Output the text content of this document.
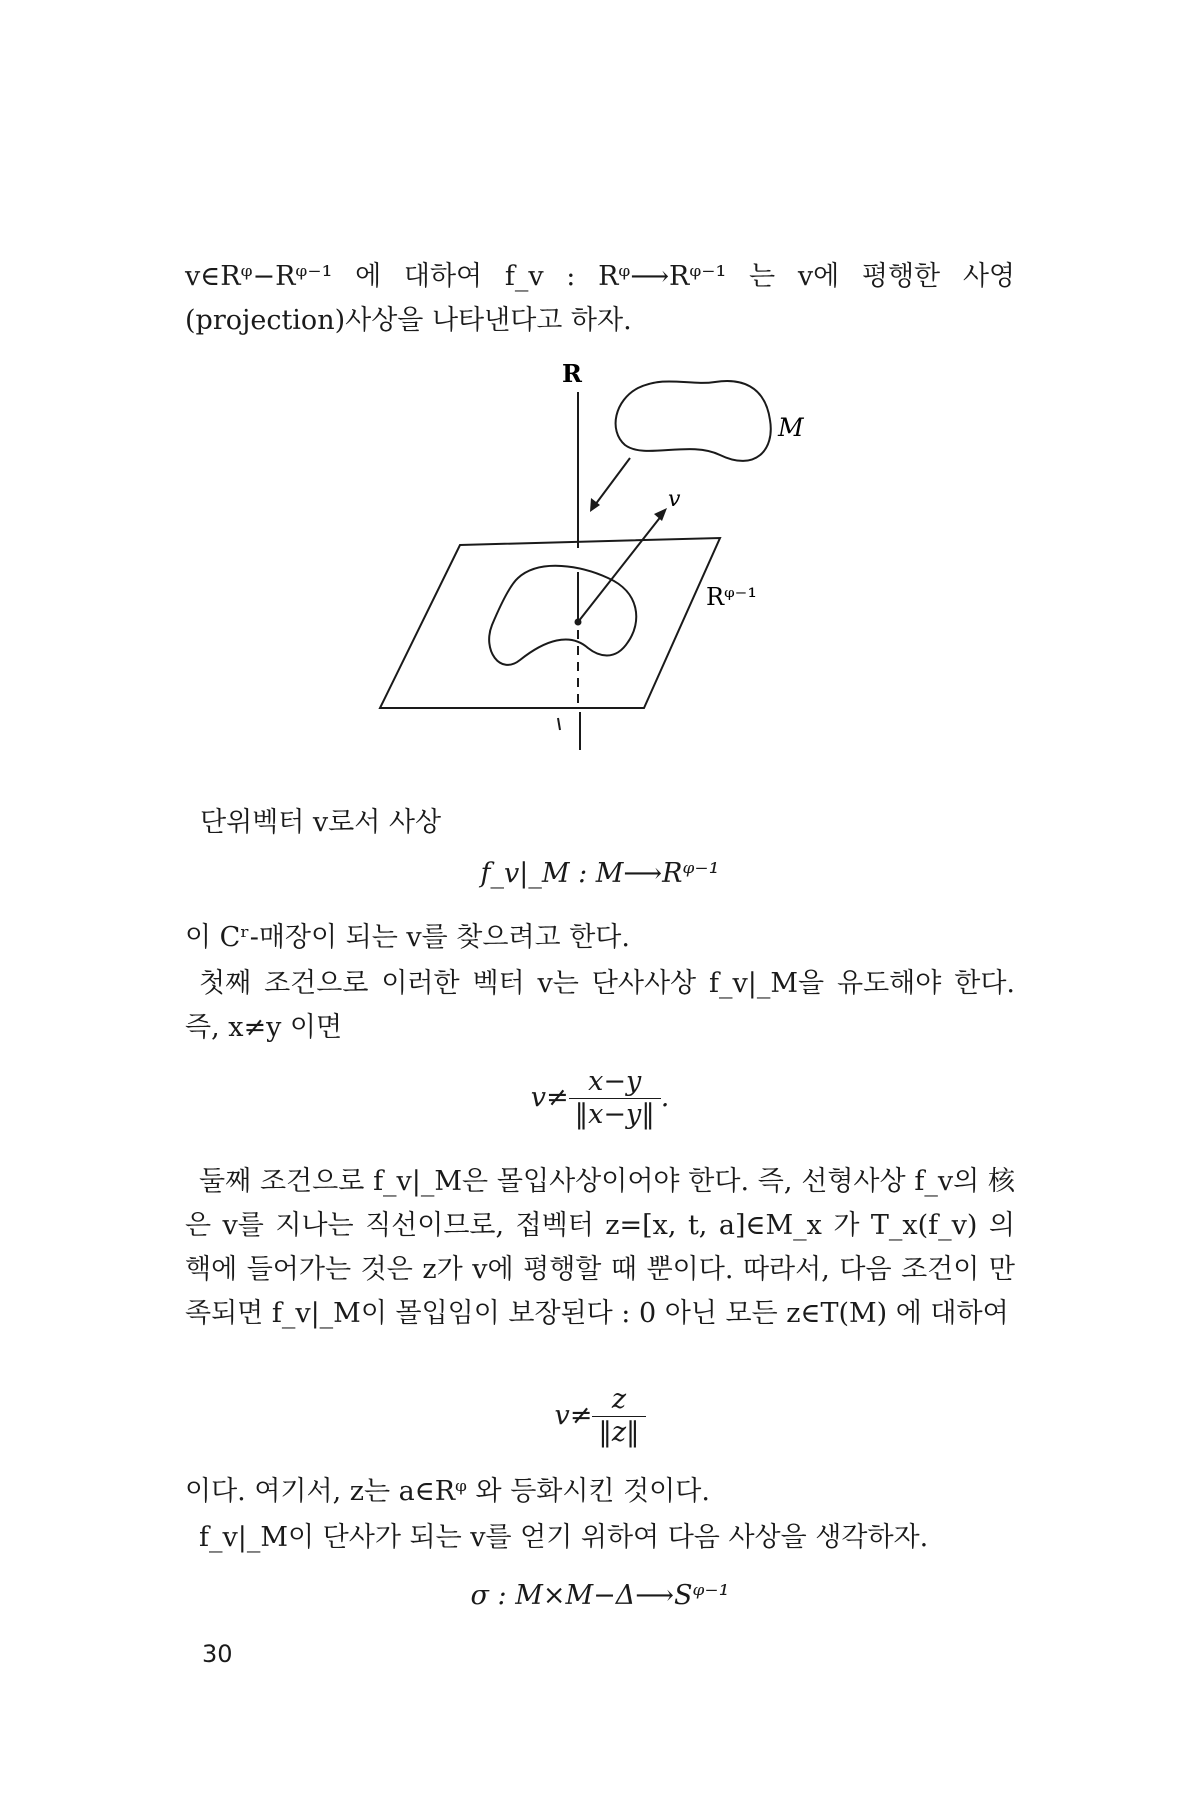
v∈Rᵠ−Rᵠ⁻¹ 에 대하여 f_v : Rᵠ⟶Rᵠ⁻¹ 는 v에 평행한 사영(projection)사상을 나타낸다고 하자.

R
M
v
Rᵠ⁻¹

단위벡터 v로서 사상

f_v|_M : M⟶Rᵠ⁻¹

이 Cʳ-매장이 되는 v를 찾으려고 한다.

첫째 조건으로 이러한 벡터 v는 단사사상 f_v|_M을 유도해야 한다. 즉, x≠y 이면

$v\ne \frac{x-y}{‖x-y‖}$ .

둘째 조건으로 f_v|_M은 몰입사상이어야 한다. 즉, 선형사상 f_v의 核은 v를 지나는 직선이므로, 접벡터 z=[x, t, a]∈M_x 가 T_x(f_v) 의 핵에 들어가는 것은 z가 v에 평행할 때 뿐이다. 따라서, 다음 조건이 만족되면 f_v|_M이 몰입임이 보장된다 : 0 아닌 모든 z∈T(M) 에 대하여

$v\ne \frac{z}{‖z‖}$

이다. 여기서, z는 a∈Rᵠ 와 등화시킨 것이다.

f_v|_M이 단사가 되는 v를 얻기 위하여 다음 사상을 생각하자.

σ : M×M−Δ⟶Sᵠ⁻¹

30
